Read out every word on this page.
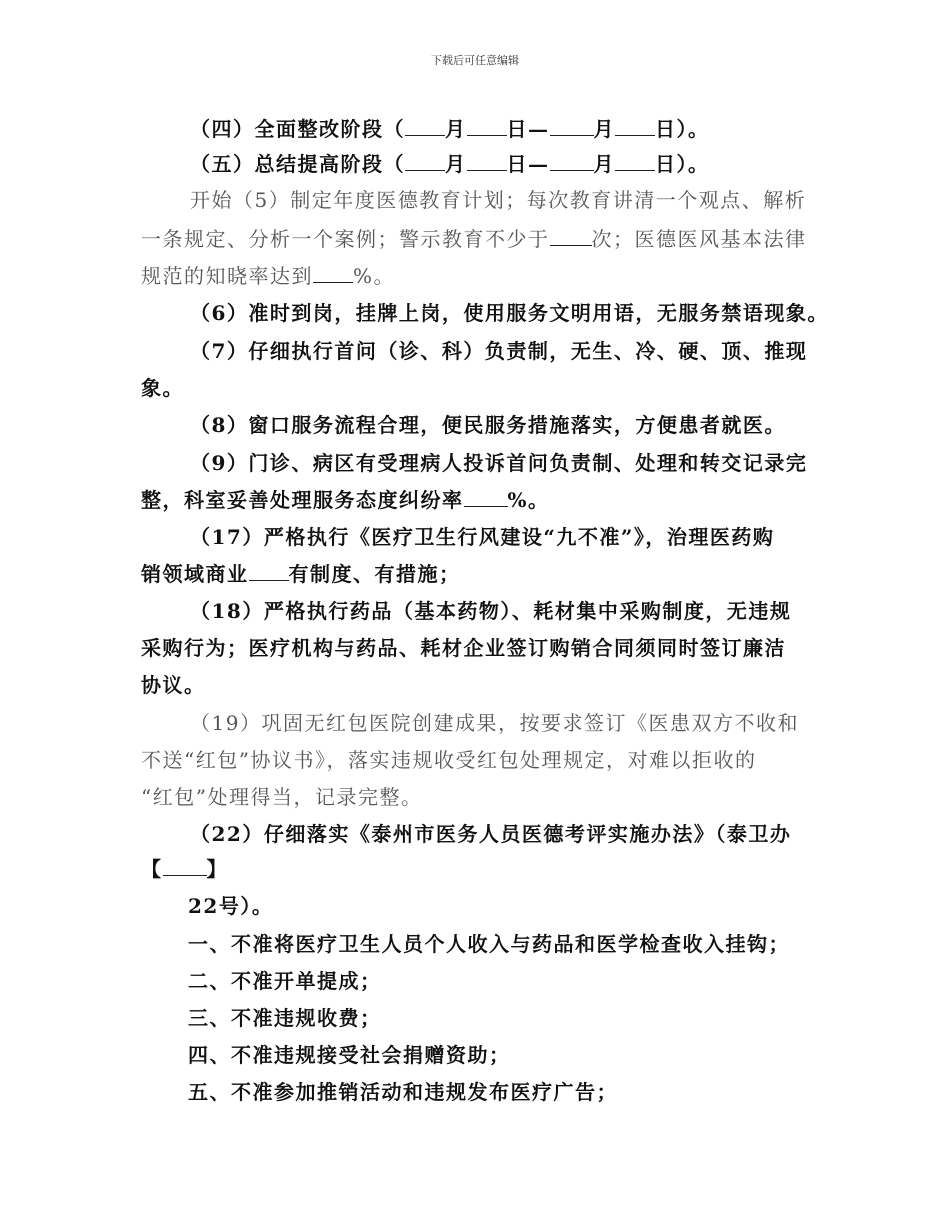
下载后可任意编辑
（四）全面整改阶段（ 月 日— 月 日）。
（五）总结提高阶段（ 月 日— 月 日）。
开始（5）制定年度医德教育计划；每次教育讲清一个观点、解析
一条规定、分析一个案例；警示教育不少于 次；医德医风基本法律
规范的知晓率达到 %。
（6）准时到岗，挂牌上岗，使用服务文明用语，无服务禁语现象。
（7）仔细执行首问（诊、科）负责制，无生、冷、硬、顶、推现
象。
（8）窗口服务流程合理，便民服务措施落实，方便患者就医。
（9）门诊、病区有受理病人投诉首问负责制、处理和转交记录完
整，科室妥善处理服务态度纠纷率 %。
（17）严格执行《医疗卫生行风建设“九不准”》，治理医药购
销领域商业 有制度、有措施；
（18）严格执行药品（基本药物）、耗材集中采购制度，无违规
采购行为；医疗机构与药品、耗材企业签订购销合同须同时签订廉洁
协议。
（19）巩固无红包医院创建成果，按要求签订《医患双方不收和
不送“红包”协议书》，落实违规收受红包处理规定，对难以拒收的
“红包”处理得当，记录完整。
（22）仔细落实《泰州市医务人员医德考评实施办法》（泰卫办
【 】
22号）。
一、不准将医疗卫生人员个人收入与药品和医学检查收入挂钩；
二、不准开单提成；
三、不准违规收费；
四、不准违规接受社会捐赠资助；
五、不准参加推销活动和违规发布医疗广告；
